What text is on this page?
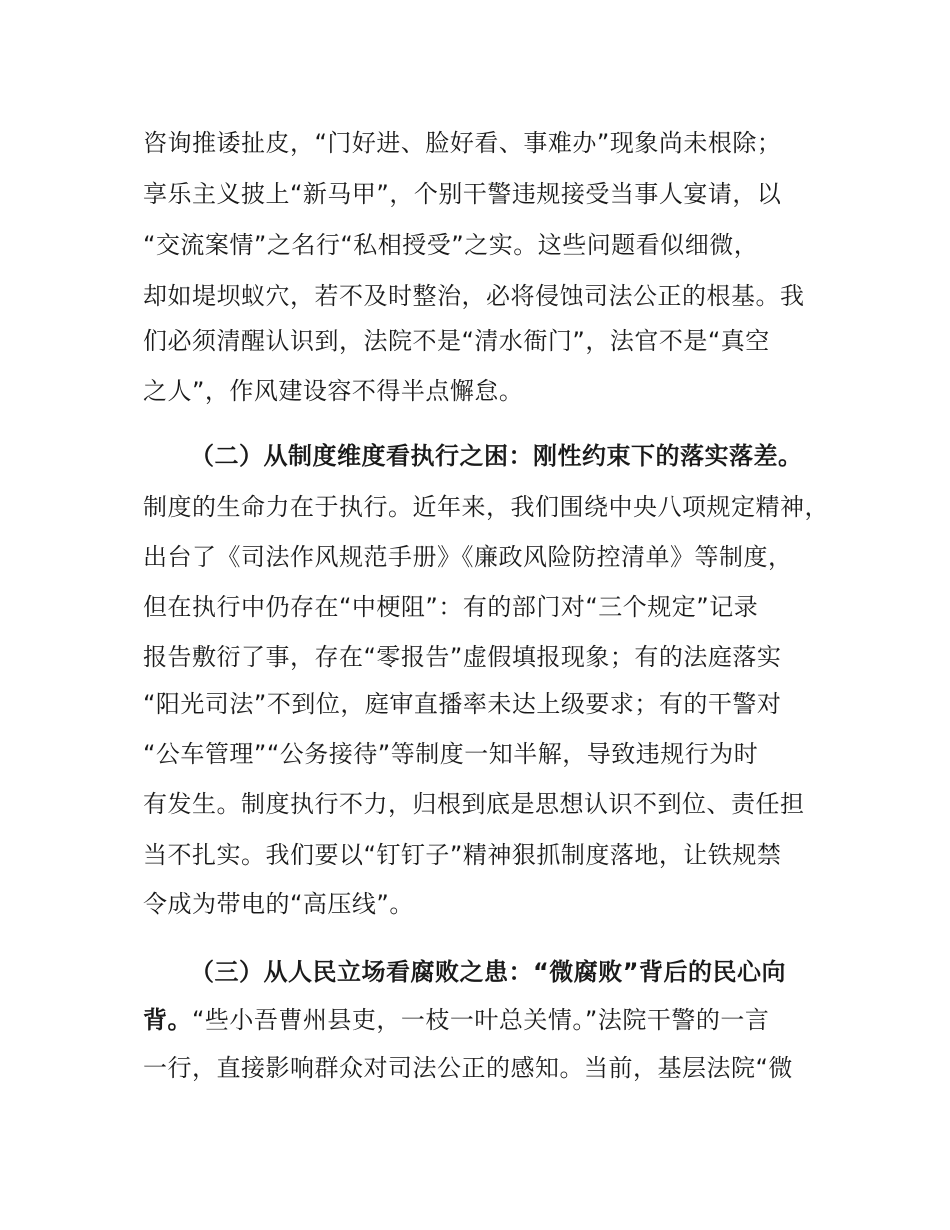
咨询推诿扯皮，“门好进、脸好看、事难办”现象尚未根除；
享乐主义披上“新马甲”，个别干警违规接受当事人宴请，以
“交流案情”之名行“私相授受”之实。这些问题看似细微，
却如堤坝蚁穴，若不及时整治，必将侵蚀司法公正的根基。我
们必须清醒认识到，法院不是“清水衙门”，法官不是“真空
之人”，作风建设容不得半点懈怠。
（二）从制度维度看执行之困：刚性约束下的落实落差。
制度的生命力在于执行。近年来，我们围绕中央八项规定精神，
出台了《司法作风规范手册》《廉政风险防控清单》等制度，
但在执行中仍存在“中梗阻”：有的部门对“三个规定”记录
报告敷衍了事，存在“零报告”虚假填报现象；有的法庭落实
“阳光司法”不到位，庭审直播率未达上级要求；有的干警对
“公车管理”“公务接待”等制度一知半解，导致违规行为时
有发生。制度执行不力，归根到底是思想认识不到位、责任担
当不扎实。我们要以“钉钉子”精神狠抓制度落地，让铁规禁
令成为带电的“高压线”。
（三）从人民立场看腐败之患：“微腐败”背后的民心向
背。“些小吾曹州县吏，一枝一叶总关情。”法院干警的一言
一行，直接影响群众对司法公正的感知。当前，基层法院“微
